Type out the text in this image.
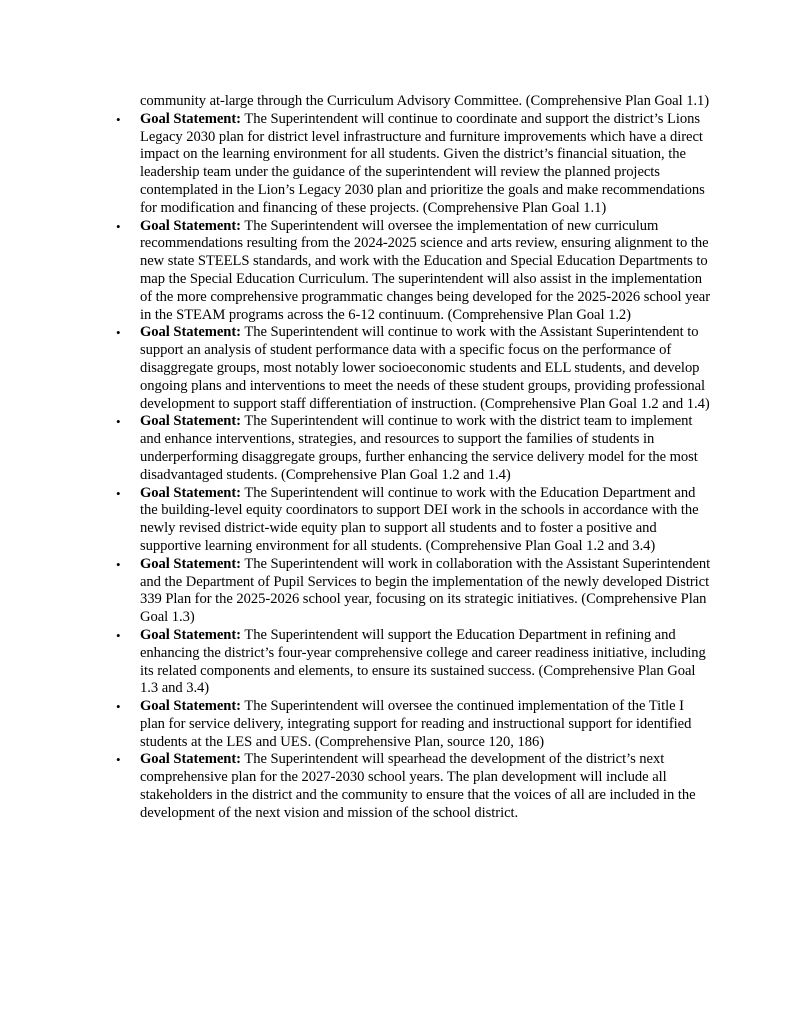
community at-large through the Curriculum Advisory Committee. (Comprehensive Plan Goal 1.1)

• Goal Statement: The Superintendent will continue to coordinate and support the district’s Lions Legacy 2030 plan for district level infrastructure and furniture improvements which have a direct impact on the learning environment for all students. Given the district’s financial situation, the leadership team under the guidance of the superintendent will review the planned projects contemplated in the Lion’s Legacy 2030 plan and prioritize the goals and make recommendations for modification and financing of these projects. (Comprehensive Plan Goal 1.1)
• Goal Statement: The Superintendent will oversee the implementation of new curriculum recommendations resulting from the 2024-2025 science and arts review, ensuring alignment to the new state STEELS standards, and work with the Education and Special Education Departments to map the Special Education Curriculum. The superintendent will also assist in the implementation of the more comprehensive programmatic changes being developed for the 2025-2026 school year in the STEAM programs across the 6-12 continuum. (Comprehensive Plan Goal 1.2)
• Goal Statement: The Superintendent will continue to work with the Assistant Superintendent to support an analysis of student performance data with a specific focus on the performance of disaggregate groups, most notably lower socioeconomic students and ELL students, and develop ongoing plans and interventions to meet the needs of these student groups, providing professional development to support staff differentiation of instruction. (Comprehensive Plan Goal 1.2 and 1.4)
• Goal Statement: The Superintendent will continue to work with the district team to implement and enhance interventions, strategies, and resources to support the families of students in underperforming disaggregate groups, further enhancing the service delivery model for the most disadvantaged students. (Comprehensive Plan Goal 1.2 and 1.4)
• Goal Statement: The Superintendent will continue to work with the Education Department and the building-level equity coordinators to support DEI work in the schools in accordance with the newly revised district-wide equity plan to support all students and to foster a positive and supportive learning environment for all students. (Comprehensive Plan Goal 1.2 and 3.4)
• Goal Statement: The Superintendent will work in collaboration with the Assistant Superintendent and the Department of Pupil Services to begin the implementation of the newly developed District 339 Plan for the 2025-2026 school year, focusing on its strategic initiatives. (Comprehensive Plan Goal 1.3)
• Goal Statement: The Superintendent will support the Education Department in refining and enhancing the district’s four-year comprehensive college and career readiness initiative, including its related components and elements, to ensure its sustained success. (Comprehensive Plan Goal 1.3 and 3.4)
• Goal Statement: The Superintendent will oversee the continued implementation of the Title I plan for service delivery, integrating support for reading and instructional support for identified students at the LES and UES. (Comprehensive Plan, source 120, 186)
• Goal Statement: The Superintendent will spearhead the development of the district’s next comprehensive plan for the 2027-2030 school years. The plan development will include all stakeholders in the district and the community to ensure that the voices of all are included in the development of the next vision and mission of the school district.
